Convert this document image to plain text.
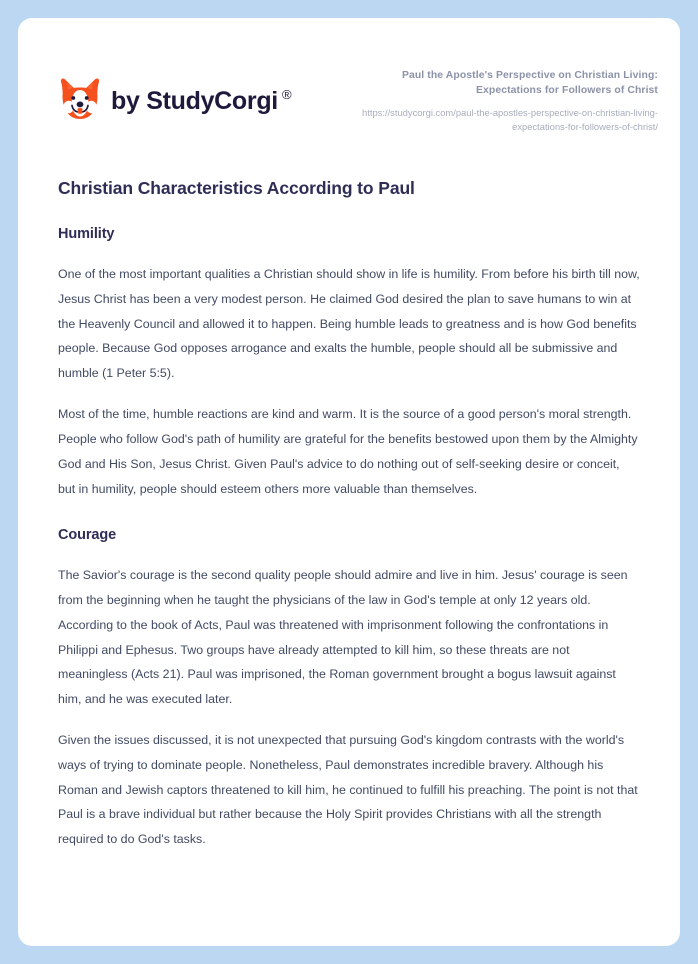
by StudyCorgi ®

Paul the Apostle's Perspective on Christian Living: Expectations for Followers of Christ

https://studycorgi.com/paul-the-apostles-perspective-on-christian-living-expectations-for-followers-of-christ/

Christian Characteristics According to Paul
Humility

One of the most important qualities a Christian should show in life is humility. From before his birth till now, Jesus Christ has been a very modest person. He claimed God desired the plan to save humans to win at the Heavenly Council and allowed it to happen. Being humble leads to greatness and is how God benefits people. Because God opposes arrogance and exalts the humble, people should all be submissive and humble (1 Peter 5:5).

Most of the time, humble reactions are kind and warm. It is the source of a good person's moral strength. People who follow God's path of humility are grateful for the benefits bestowed upon them by the Almighty God and His Son, Jesus Christ. Given Paul's advice to do nothing out of self-seeking desire or conceit, but in humility, people should esteem others more valuable than themselves.

Courage

The Savior's courage is the second quality people should admire and live in him. Jesus' courage is seen from the beginning when he taught the physicians of the law in God's temple at only 12 years old. According to the book of Acts, Paul was threatened with imprisonment following the confrontations in Philippi and Ephesus. Two groups have already attempted to kill him, so these threats are not meaningless (Acts 21). Paul was imprisoned, the Roman government brought a bogus lawsuit against him, and he was executed later.

Given the issues discussed, it is not unexpected that pursuing God's kingdom contrasts with the world's ways of trying to dominate people. Nonetheless, Paul demonstrates incredible bravery. Although his Roman and Jewish captors threatened to kill him, he continued to fulfill his preaching. The point is not that Paul is a brave individual but rather because the Holy Spirit provides Christians with all the strength required to do God's tasks.
